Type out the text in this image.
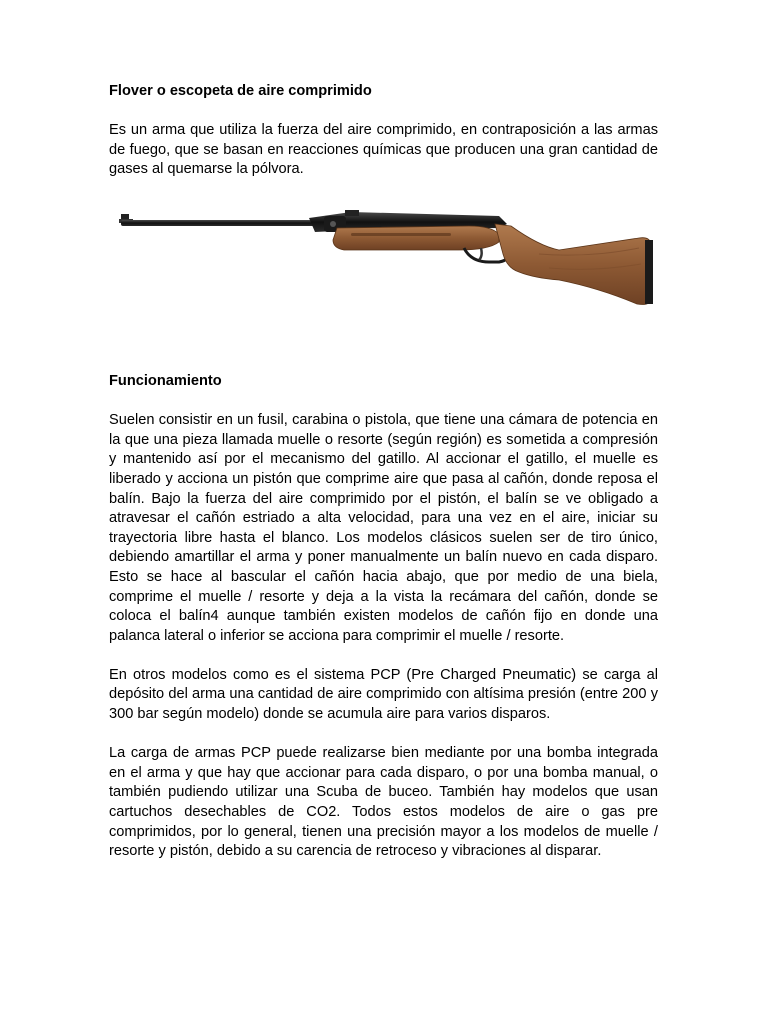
Flover o escopeta de aire comprimido

Es un arma que utiliza la fuerza del aire comprimido, en contraposición a las armas de fuego, que se basan en reacciones químicas que producen una gran cantidad de gases al quemarse la pólvora.

Funcionamiento

Suelen consistir en un fusil, carabina o pistola, que tiene una cámara de potencia en la que una pieza llamada muelle o resorte (según región) es sometida a compresión y mantenido así por el mecanismo del gatillo. Al accionar el gatillo, el muelle es liberado y acciona un pistón que comprime aire que pasa al cañón, donde reposa el balín. Bajo la fuerza del aire comprimido por el pistón, el balín se ve obligado a atravesar el cañón estriado a alta velocidad, para una vez en el aire, iniciar su trayectoria libre hasta el blanco. Los modelos clásicos suelen ser de tiro único, debiendo amartillar el arma y poner manualmente un balín nuevo en cada disparo. Esto se hace al bascular el cañón hacia abajo, que por medio de una biela, comprime el muelle / resorte y deja a la vista la recámara del cañón, donde se coloca el balín4 aunque también existen modelos de cañón fijo en donde una palanca lateral o inferior se acciona para comprimir el muelle / resorte.

En otros modelos como es el sistema PCP (Pre Charged Pneumatic) se carga al depósito del arma una cantidad de aire comprimido con altísima presión (entre 200 y 300 bar según modelo) donde se acumula aire para varios disparos.

La carga de armas PCP puede realizarse bien mediante por una bomba integrada en el arma y que hay que accionar para cada disparo, o por una bomba manual, o también pudiendo utilizar una Scuba de buceo. También hay modelos que usan cartuchos desechables de CO2. Todos estos modelos de aire o gas pre comprimidos, por lo general, tienen una precisión mayor a los modelos de muelle / resorte y pistón, debido a su carencia de retroceso y vibraciones al disparar.
